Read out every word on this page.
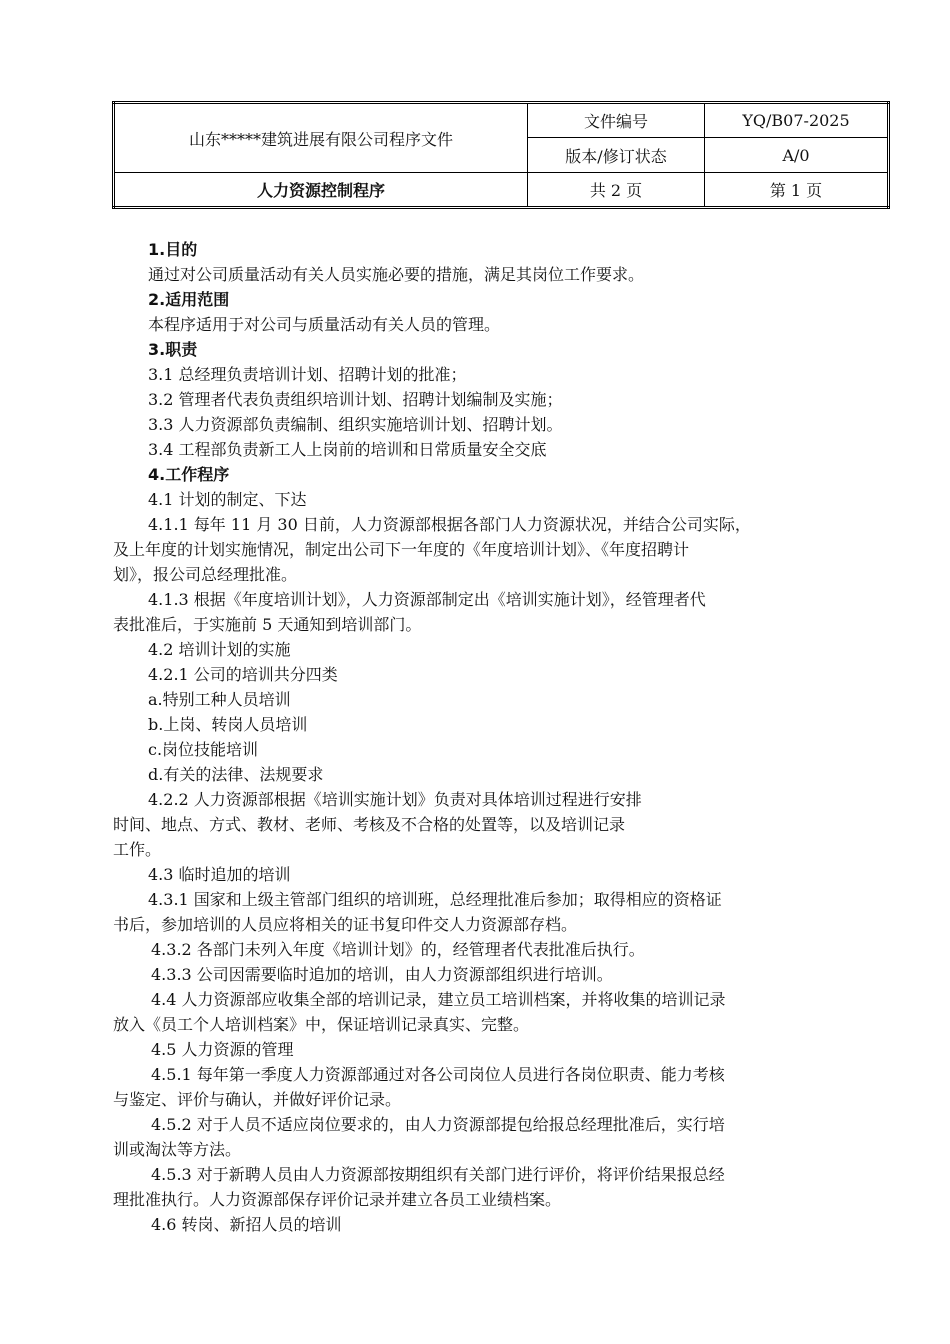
山东*****建筑进展有限公司程序文件	文件编号	YQ/B07-2025
	版本/修订状态	A/0
人力资源控制程序	共 2 页	第 1 页
1.目的
通过对公司质量活动有关人员实施必要的措施，满足其岗位工作要求。
2.适用范围
本程序适用于对公司与质量活动有关人员的管理。
3.职责
3.1 总经理负责培训计划、招聘计划的批准；
3.2 管理者代表负责组织培训计划、招聘计划编制及实施；
3.3 人力资源部负责编制、组织实施培训计划、招聘计划。
3.4 工程部负责新工人上岗前的培训和日常质量安全交底
4.工作程序
4.1 计划的制定、下达
4.1.1 每年 11 月 30 日前，人力资源部根据各部门人力资源状况，并结合公司实际，
及上年度的计划实施情况，制定出公司下一年度的《年度培训计划》、《年度招聘计
划》，报公司总经理批准。
4.1.3 根据《年度培训计划》，人力资源部制定出《培训实施计划》，经管理者代
表批准后，于实施前 5 天通知到培训部门。
4.2 培训计划的实施
4.2.1 公司的培训共分四类
a.特别工种人员培训
b.上岗、转岗人员培训
c.岗位技能培训
d.有关的法律、法规要求
4.2.2 人力资源部根据《培训实施计划》负责对具体培训过程进行安排
时间、地点、方式、教材、老师、考核及不合格的处置等，以及培训记录
工作。
4.3 临时追加的培训
4.3.1 国家和上级主管部门组织的培训班，总经理批准后参加；取得相应的资格证
书后，参加培训的人员应将相关的证书复印件交人力资源部存档。
4.3.2 各部门未列入年度《培训计划》的，经管理者代表批准后执行。
4.3.3 公司因需要临时追加的培训，由人力资源部组织进行培训。
4.4 人力资源部应收集全部的培训记录，建立员工培训档案，并将收集的培训记录
放入《员工个人培训档案》中，保证培训记录真实、完整。
4.5 人力资源的管理
4.5.1 每年第一季度人力资源部通过对各公司岗位人员进行各岗位职责、能力考核
与鉴定、评价与确认，并做好评价记录。
4.5.2 对于人员不适应岗位要求的，由人力资源部提包给报总经理批准后，实行培
训或淘汰等方法。
4.5.3 对于新聘人员由人力资源部按期组织有关部门进行评价，将评价结果报总经
理批准执行。人力资源部保存评价记录并建立各员工业绩档案。
4.6 转岗、新招人员的培训
